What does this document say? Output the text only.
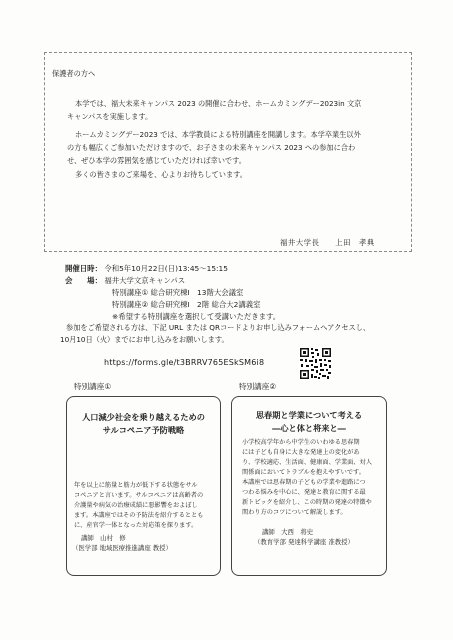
保護者の方へ
本学では、福大未来キャンパス 2023 の開催に合わせ、ホームカミングデー2023in 文京
キャンパスを実施します。
ホームカミングデー2023 では、本学教員による特別講座を開講します。本学卒業生以外
の方も幅広くご参加いただけますので、お子さまの未来キャンパス 2023 への参加に合わ
せ、ぜひ本学の雰囲気を感じていただければ幸いです。
多くの皆さまのご来場を、心よりお待ちしています。
福井大学長　　上田　孝典
開催日時： 令和5年10月22日(日)13:45～15:15
会　　場： 福井大学文京キャンパス
特別講座① 総合研究棟Ⅰ　13階大会議室
特別講座② 総合研究棟Ⅰ　2階 総合大2講義室
※希望する特別講座を選択して受講いただきます。
参加をご希望される方は、下記 URL または QRコードよりお申し込みフォームへアクセスし、
10月10日（火）までにお申し込みをお願いします。
https://forms.gle/t3BRRV765ESkSM6i8
特別講座①	特別講座②
人口減少社会を乗り越えるための
サルコペニア予防戦略
年を以上に筋量と筋力が低下する状態をサル
コペニアと言います。サルコペニアは高齢者の
介護量や病気の治療成績に悪影響をおよぼし
ます。本講座ではその予防法を紹介するととも
に、産官学一体となった対応策を探ります。
講師　山村　修
（医学部 地域医療推進講座 教授）
思春期と学業について考える
―心と体と将来と―
小学校高学年から中学生のいわゆる思春期
には子ども自身に大きな発達上の変化があ
り、学校適応、生活面、健康面、学業面、対人
関係面においてトラブルを抱えやすいです。
本講座では思春期の子どもの学業や進路につ
つわる悩みを中心に、発達と教育に関する最
新トピックを紹介し、この時期の発達の特徴や
関わり方のコツについて解説します。
講師　大西　将史
（教育学部 発達科学講座 准教授）
